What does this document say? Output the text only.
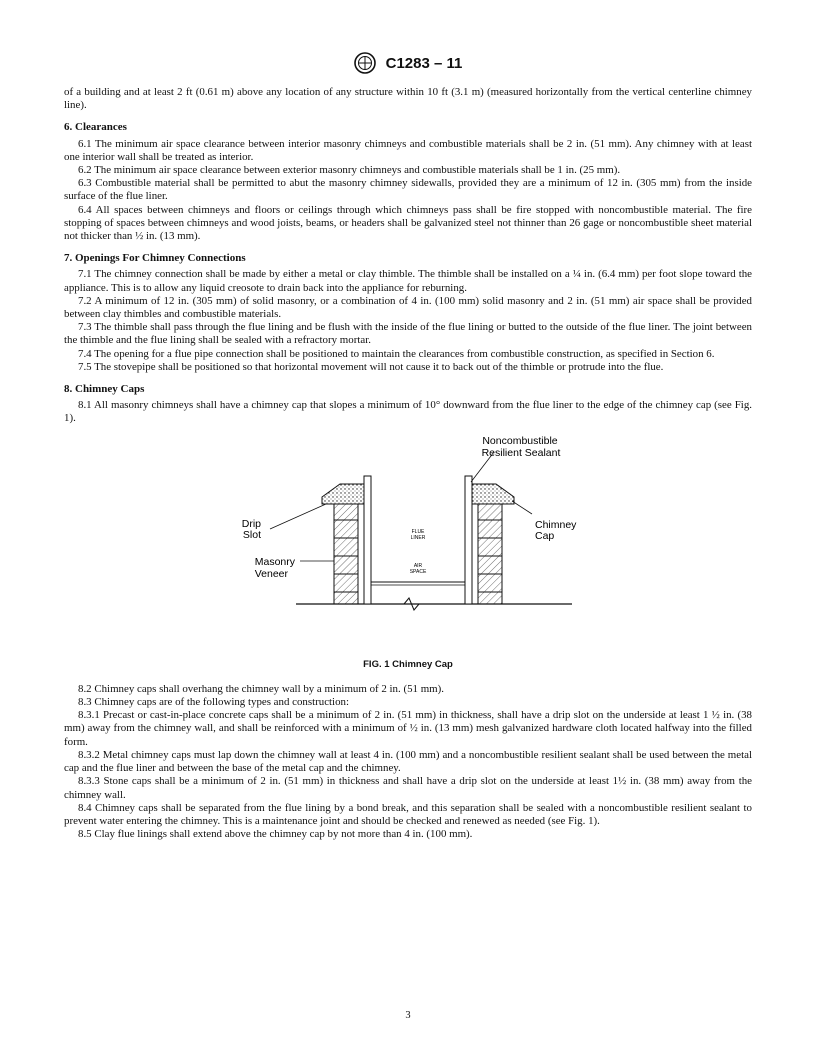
C1283 – 11

of a building and at least 2 ft (0.61 m) above any location of any structure within 10 ft (3.1 m) (measured horizontally from the vertical centerline chimney line).

6. Clearances

6.1 The minimum air space clearance between interior masonry chimneys and combustible materials shall be 2 in. (51 mm). Any chimney with at least one interior wall shall be treated as interior.

6.2 The minimum air space clearance between exterior masonry chimneys and combustible materials shall be 1 in. (25 mm).

6.3 Combustible material shall be permitted to abut the masonry chimney sidewalls, provided they are a minimum of 12 in. (305 mm) from the inside surface of the flue liner.

6.4 All spaces between chimneys and floors or ceilings through which chimneys pass shall be fire stopped with noncombustible material. The fire stopping of spaces between chimneys and wood joists, beams, or headers shall be galvanized steel not thinner than 26 gage or noncombustible sheet material not thicker than ½ in. (13 mm).

7. Openings For Chimney Connections

7.1 The chimney connection shall be made by either a metal or clay thimble. The thimble shall be installed on a ¼ in. (6.4 mm) per foot slope toward the appliance. This is to allow any liquid creosote to drain back into the appliance for reburning.

7.2 A minimum of 12 in. (305 mm) of solid masonry, or a combination of 4 in. (100 mm) solid masonry and 2 in. (51 mm) air space shall be provided between clay thimbles and combustible materials.

7.3 The thimble shall pass through the flue lining and be flush with the inside of the flue lining or butted to the outside of the flue liner. The joint between the thimble and the flue lining shall be sealed with a refractory mortar.

7.4 The opening for a flue pipe connection shall be positioned to maintain the clearances from combustible construction, as specified in Section 6.

7.5 The stovepipe shall be positioned so that horizontal movement will not cause it to back out of the thimble or protrude into the flue.

8. Chimney Caps

8.1 All masonry chimneys shall have a chimney cap that slopes a minimum of 10° downward from the flue liner to the edge of the chimney cap (see Fig. 1).

Noncombustible
Resilient Sealant
Drip
Slot
Chimney
Cap
Masonry
Veneer
FLUE
LINER
AIR
SPACE
FIG. 1 Chimney Cap

8.2 Chimney caps shall overhang the chimney wall by a minimum of 2 in. (51 mm).

8.3 Chimney caps are of the following types and construction:

8.3.1 Precast or cast-in-place concrete caps shall be a minimum of 2 in. (51 mm) in thickness, shall have a drip slot on the underside at least 1 ½ in. (38 mm) away from the chimney wall, and shall be reinforced with a minimum of ½ in. (13 mm) mesh galvanized hardware cloth located halfway into the filled form.

8.3.2 Metal chimney caps must lap down the chimney wall at least 4 in. (100 mm) and a noncombustible resilient sealant shall be used between the metal cap and the flue liner and between the base of the metal cap and the chimney.

8.3.3 Stone caps shall be a minimum of 2 in. (51 mm) in thickness and shall have a drip slot on the underside at least 1½ in. (38 mm) away from the chimney wall.

8.4 Chimney caps shall be separated from the flue lining by a bond break, and this separation shall be sealed with a noncombustible resilient sealant to prevent water entering the chimney. This is a maintenance joint and should be checked and renewed as needed (see Fig. 1).

8.5 Clay flue linings shall extend above the chimney cap by not more than 4 in. (100 mm).

3
